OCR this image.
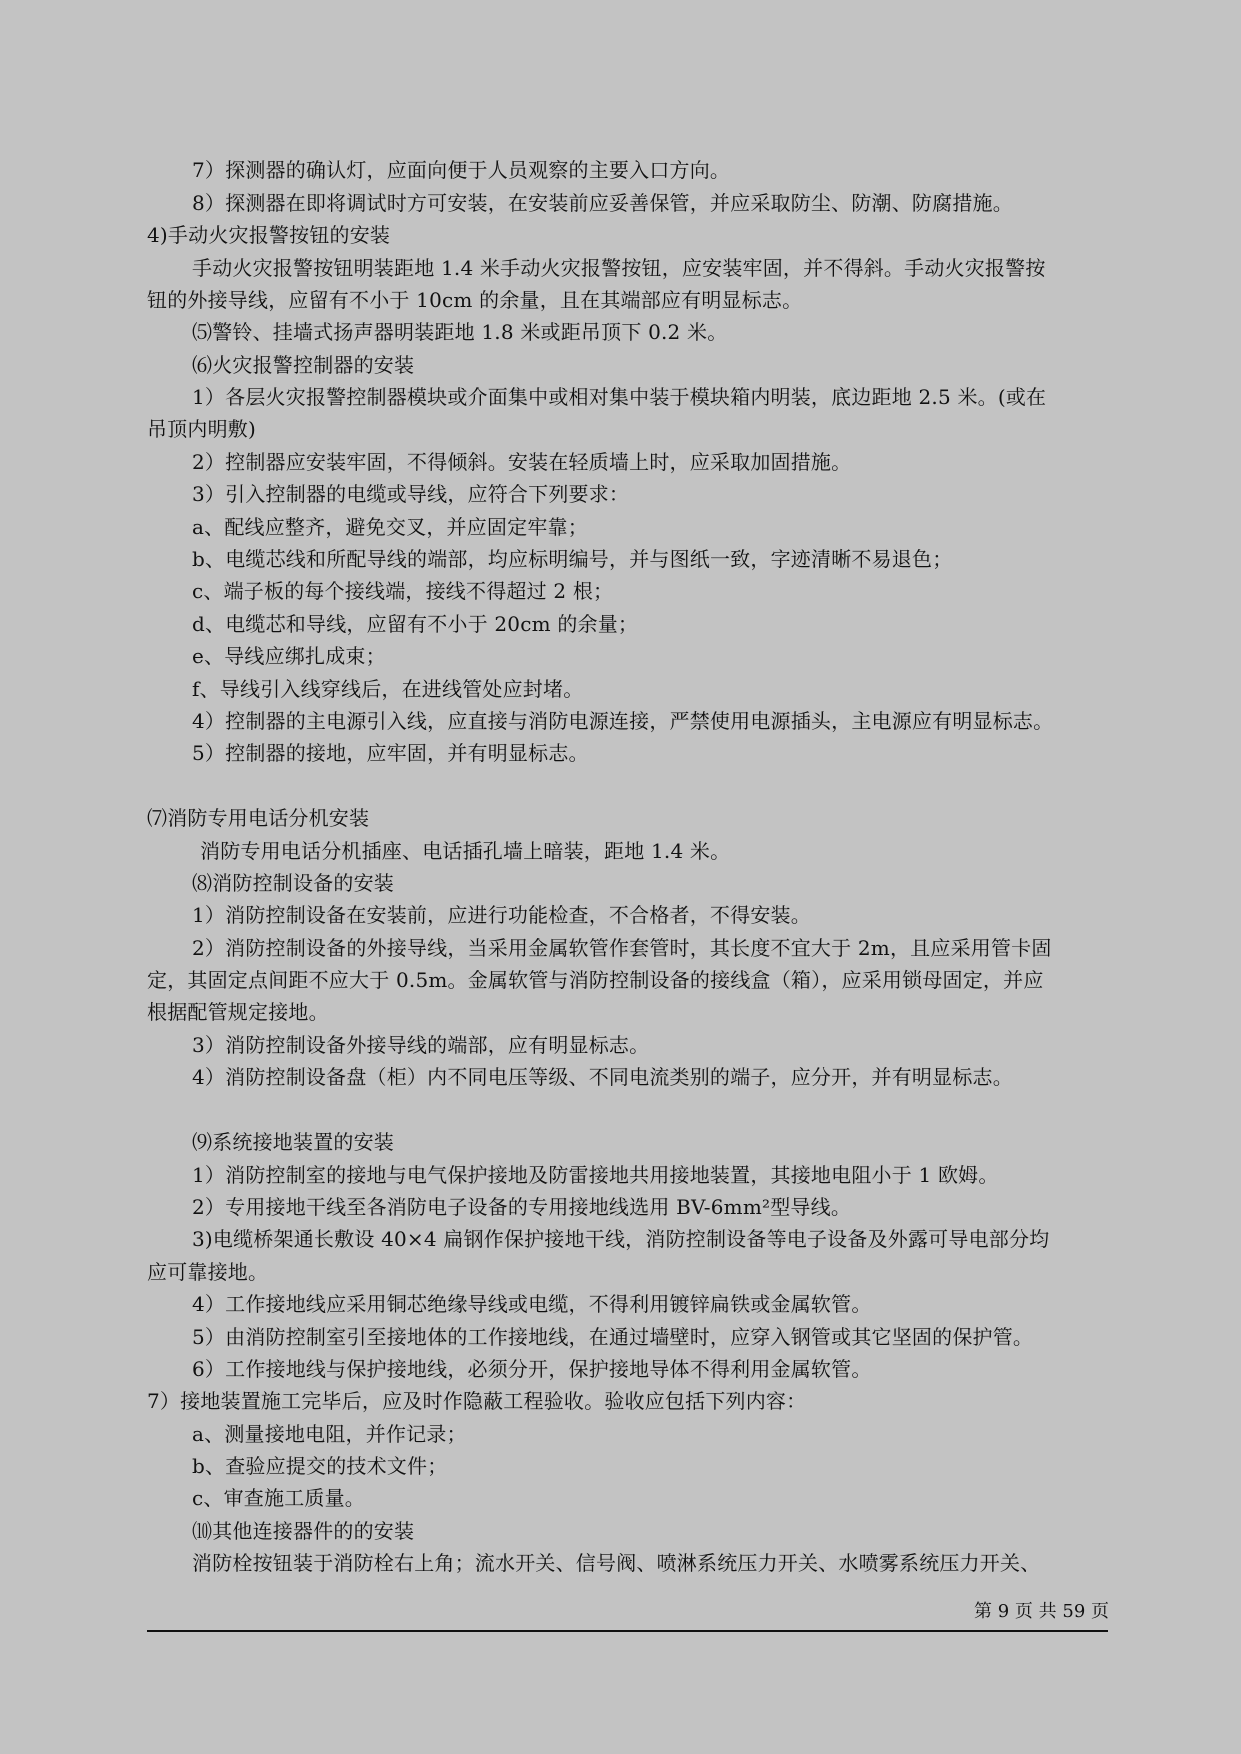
7）探测器的确认灯，应面向便于人员观察的主要入口方向。
8）探测器在即将调试时方可安装，在安装前应妥善保管，并应采取防尘、防潮、防腐措施。
4)手动火灾报警按钮的安装
手动火灾报警按钮明装距地 1.4 米手动火灾报警按钮，应安装牢固，并不得斜。手动火灾报警按
钮的外接导线，应留有不小于 10cm 的余量，且在其端部应有明显标志。
⑸警铃、挂墙式扬声器明装距地 1.8 米或距吊顶下 0.2 米。
⑹火灾报警控制器的安装
1）各层火灾报警控制器模块或介面集中或相对集中装于模块箱内明装，底边距地 2.5 米。(或在
吊顶内明敷)
2）控制器应安装牢固，不得倾斜。安装在轻质墙上时，应采取加固措施。
3）引入控制器的电缆或导线，应符合下列要求：
a、配线应整齐，避免交叉，并应固定牢靠；
b、电缆芯线和所配导线的端部，均应标明编号，并与图纸一致，字迹清晰不易退色；
c、端子板的每个接线端，接线不得超过 2 根；
d、电缆芯和导线，应留有不小于 20cm 的余量；
e、导线应绑扎成束；
f、导线引入线穿线后，在进线管处应封堵。
4）控制器的主电源引入线，应直接与消防电源连接，严禁使用电源插头，主电源应有明显标志。
5）控制器的接地，应牢固，并有明显标志。
⑺消防专用电话分机安装
消防专用电话分机插座、电话插孔墙上暗装，距地 1.4 米。
⑻消防控制设备的安装
1）消防控制设备在安装前，应进行功能检查，不合格者，不得安装。
2）消防控制设备的外接导线，当采用金属软管作套管时，其长度不宜大于 2m，且应采用管卡固
定，其固定点间距不应大于 0.5m。金属软管与消防控制设备的接线盒（箱），应采用锁母固定，并应
根据配管规定接地。
3）消防控制设备外接导线的端部，应有明显标志。
4）消防控制设备盘（柜）内不同电压等级、不同电流类别的端子，应分开，并有明显标志。
⑼系统接地装置的安装
1）消防控制室的接地与电气保护接地及防雷接地共用接地装置，其接地电阻小于 1 欧姆。
2）专用接地干线至各消防电子设备的专用接地线选用 BV-6mm²型导线。
3)电缆桥架通长敷设 40×4 扁钢作保护接地干线，消防控制设备等电子设备及外露可导电部分均
应可靠接地。
4）工作接地线应采用铜芯绝缘导线或电缆，不得利用镀锌扁铁或金属软管。
5）由消防控制室引至接地体的工作接地线，在通过墙壁时，应穿入钢管或其它坚固的保护管。
6）工作接地线与保护接地线，必须分开，保护接地导体不得利用金属软管。
7）接地装置施工完毕后，应及时作隐蔽工程验收。验收应包括下列内容：
a、测量接地电阻，并作记录；
b、查验应提交的技术文件；
c、审查施工质量。
⑽其他连接器件的的安装
消防栓按钮装于消防栓右上角；流水开关、信号阀、喷淋系统压力开关、水喷雾系统压力开关、
第 9 页 共 59 页
